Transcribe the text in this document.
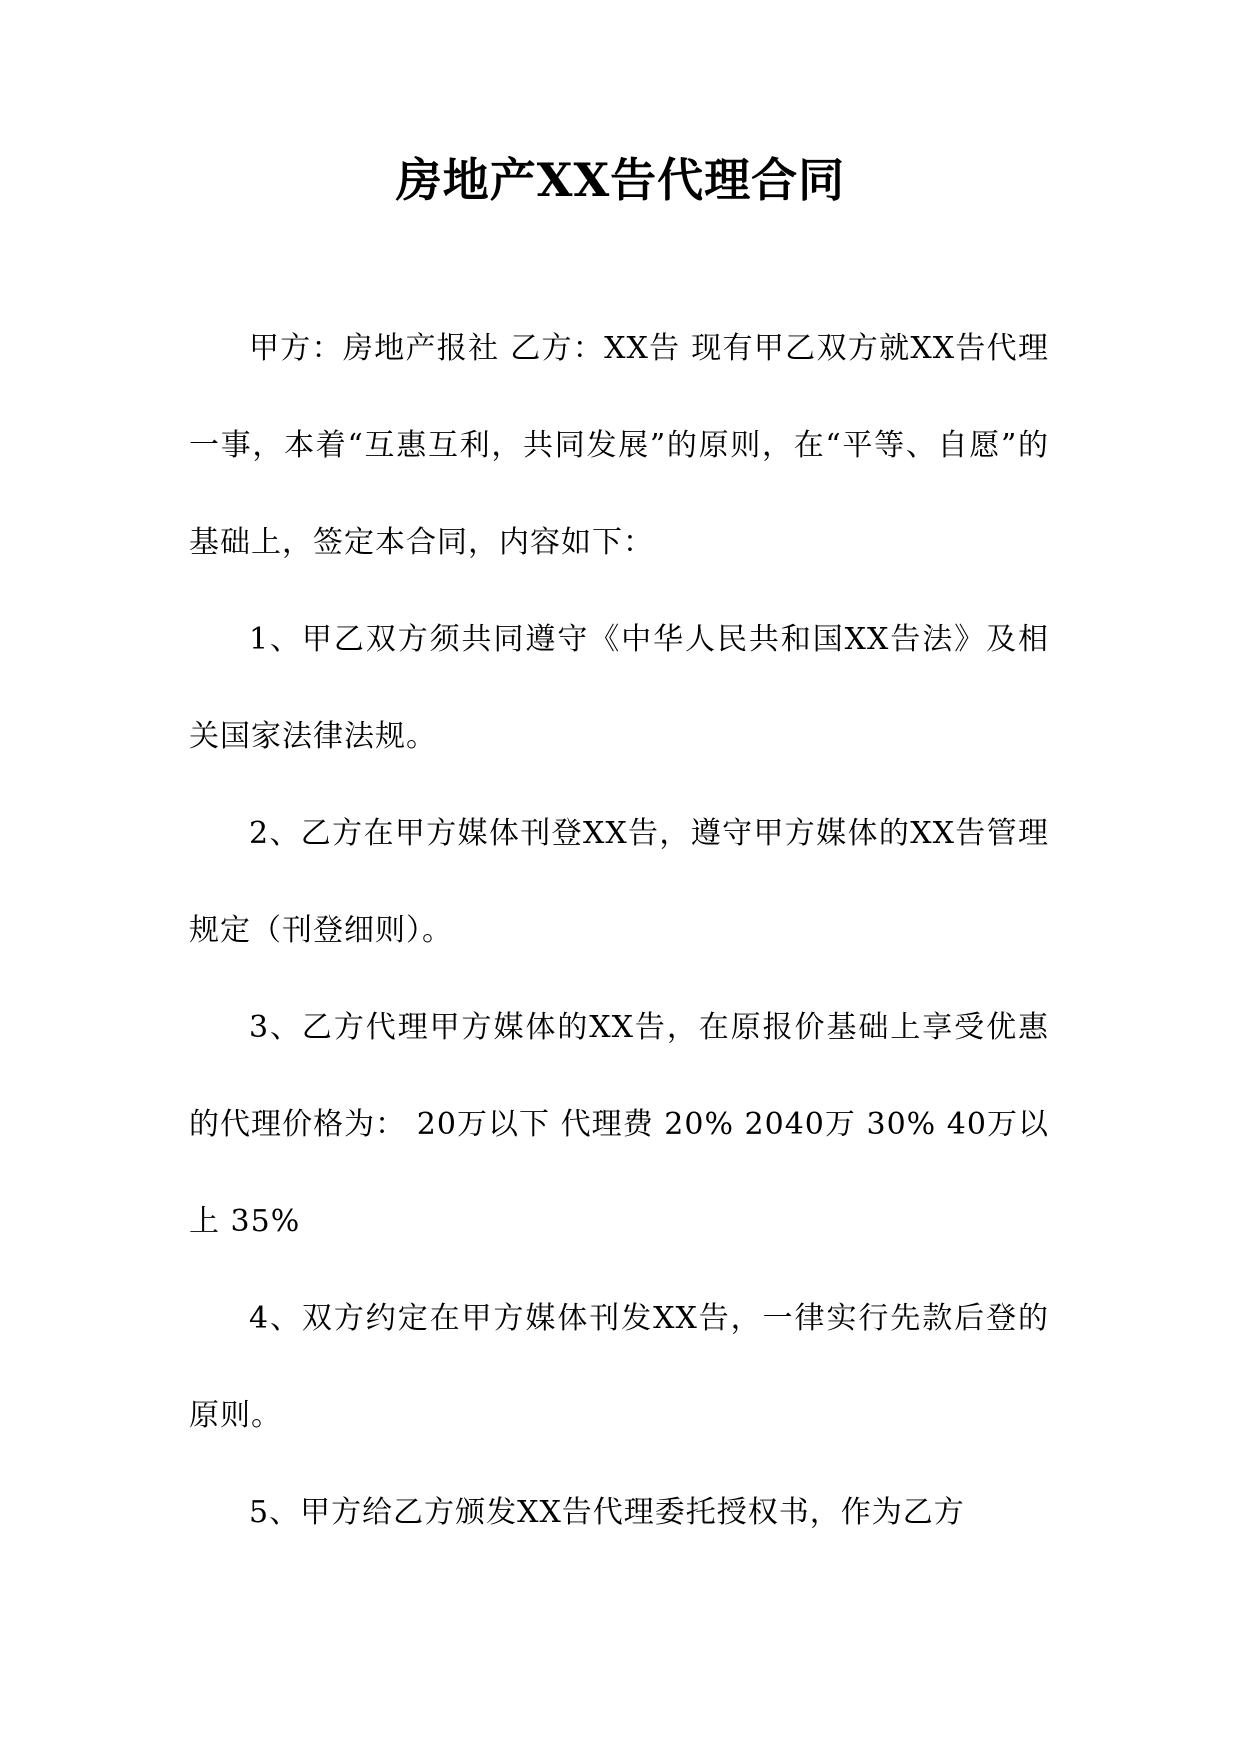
房地产XX告代理合同

甲方：房地产报社 乙方：XX告 现有甲乙双方就XX告代理一事，本着“互惠互利，共同发展”的原则，在“平等、自愿”的基础上，签定本合同，内容如下：

1、甲乙双方须共同遵守《中华人民共和国XX告法》及相关国家法律法规。

2、乙方在甲方媒体刊登XX告，遵守甲方媒体的XX告管理规定（刊登细则）。

3、乙方代理甲方媒体的XX告，在原报价基础上享受优惠的代理价格为： 20万以下 代理费 20% 2040万 30% 40万以上 35%

4、双方约定在甲方媒体刊发XX告，一律实行先款后登的原则。

5、甲方给乙方颁发XX告代理委托授权书，作为乙方
